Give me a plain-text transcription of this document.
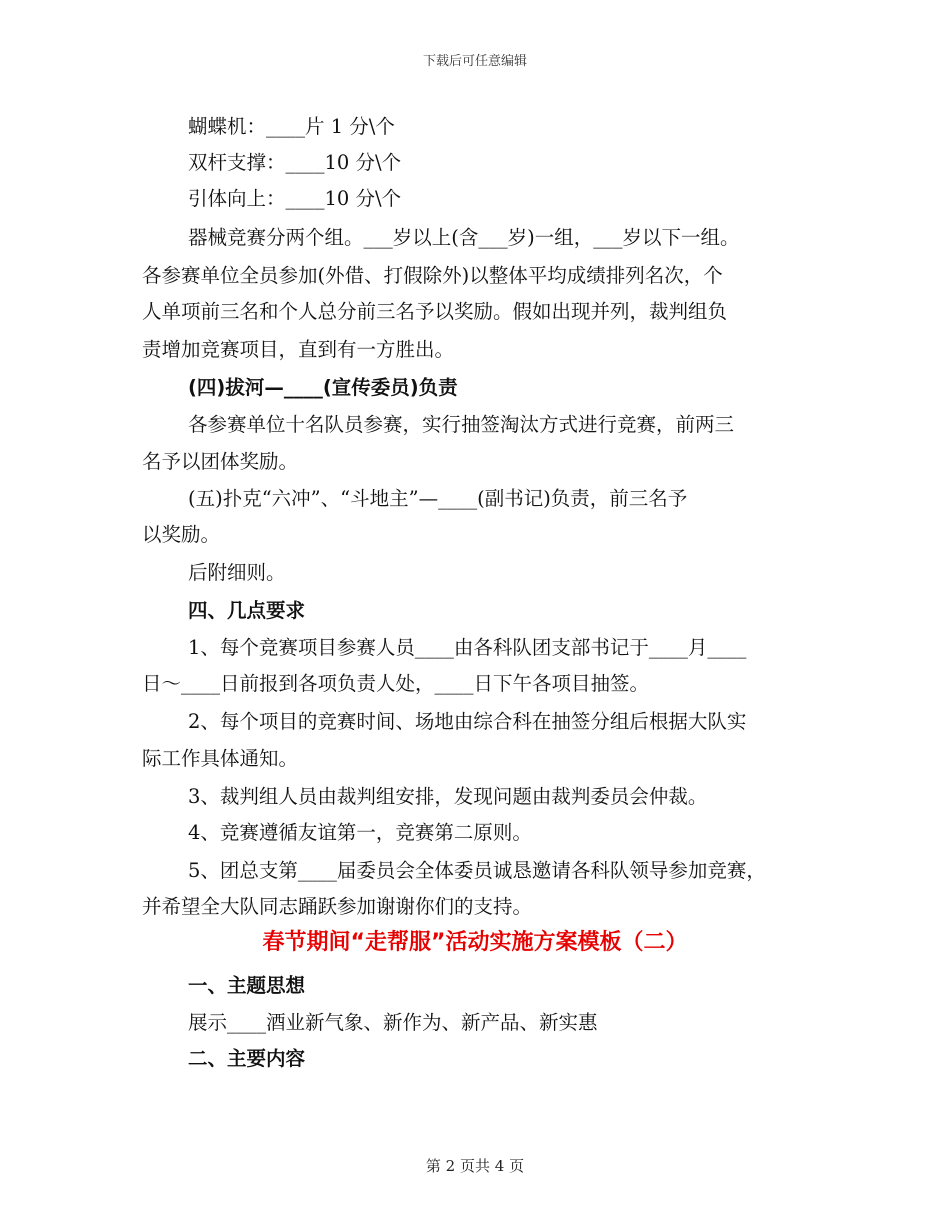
下载后可任意编辑
蝴蝶机：____片 1 分\个
双杆支撑：____10 分\个
引体向上：____10 分\个
器械竞赛分两个组。___岁以上(含___岁)一组，___岁以下一组。
各参赛单位全员参加(外借、打假除外)以整体平均成绩排列名次，个
人单项前三名和个人总分前三名予以奖励。假如出现并列，裁判组负
责增加竞赛项目，直到有一方胜出。
(四)拔河—____(宣传委员)负责
各参赛单位十名队员参赛，实行抽签淘汰方式进行竞赛，前两三
名予以团体奖励。
(五)扑克“六冲”、“斗地主”—____(副书记)负责，前三名予
以奖励。
后附细则。
四、几点要求
1、每个竞赛项目参赛人员____由各科队团支部书记于____月____
日～____日前报到各项负责人处，____日下午各项目抽签。
2、每个项目的竞赛时间、场地由综合科在抽签分组后根据大队实
际工作具体通知。
3、裁判组人员由裁判组安排，发现问题由裁判委员会仲裁。
4、竞赛遵循友谊第一，竞赛第二原则。
5、团总支第____届委员会全体委员诚恳邀请各科队领导参加竞赛，
并希望全大队同志踊跃参加谢谢你们的支持。
春节期间“走帮服”活动实施方案模板（二）
一、主题思想
展示____酒业新气象、新作为、新产品、新实惠
二、主要内容
第 2 页共 4 页
